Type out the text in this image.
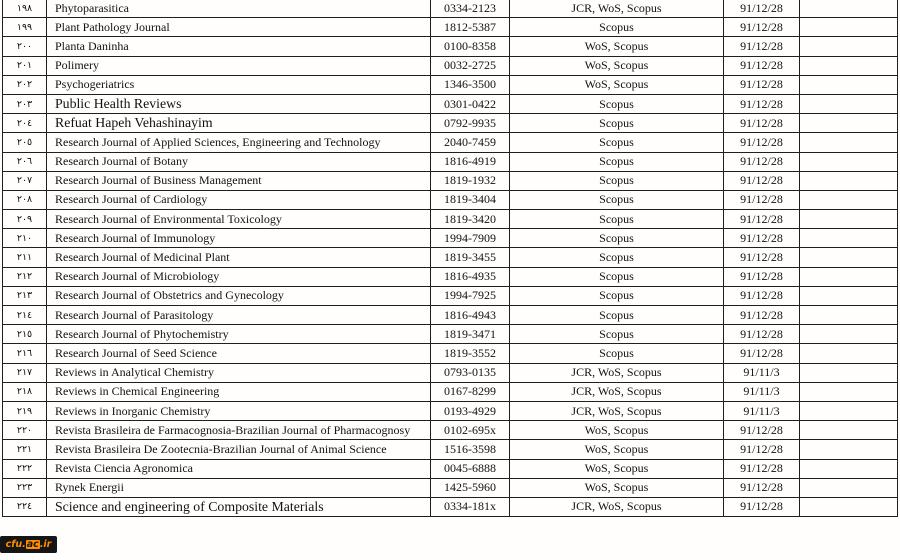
١٩٨	Phytoparasitica	0334-2123	JCR, WoS, Scopus	91/12/28	
١٩٩	Plant Pathology Journal	1812-5387	Scopus	91/12/28	
٢٠٠	Planta Daninha	0100-8358	WoS, Scopus	91/12/28	
٢٠١	Polimery	0032-2725	WoS, Scopus	91/12/28	
٢٠٢	Psychogeriatrics	1346-3500	WoS, Scopus	91/12/28	
٢٠٣	Public Health Reviews	0301-0422	Scopus	91/12/28	
٢٠٤	Refuat Hapeh Vehashinayim	0792-9935	Scopus	91/12/28	
٢٠٥	Research Journal of Applied Sciences, Engineering and Technology	2040-7459	Scopus	91/12/28	
٢٠٦	Research Journal of Botany	1816-4919	Scopus	91/12/28	
٢٠٧	Research Journal of Business Management	1819-1932	Scopus	91/12/28	
٢٠٨	Research Journal of Cardiology	1819-3404	Scopus	91/12/28	
٢٠٩	Research Journal of Environmental Toxicology	1819-3420	Scopus	91/12/28	
٢١٠	Research Journal of Immunology	1994-7909	Scopus	91/12/28	
٢١١	Research Journal of Medicinal Plant	1819-3455	Scopus	91/12/28	
٢١٢	Research Journal of Microbiology	1816-4935	Scopus	91/12/28	
٢١٣	Research Journal of Obstetrics and Gynecology	1994-7925	Scopus	91/12/28	
٢١٤	Research Journal of Parasitology	1816-4943	Scopus	91/12/28	
٢١٥	Research Journal of Phytochemistry	1819-3471	Scopus	91/12/28	
٢١٦	Research Journal of Seed Science	1819-3552	Scopus	91/12/28	
٢١٧	Reviews in Analytical Chemistry	0793-0135	JCR, WoS, Scopus	91/11/3	
٢١٨	Reviews in Chemical Engineering	0167-8299	JCR, WoS, Scopus	91/11/3	
٢١٩	Reviews in Inorganic Chemistry	0193-4929	JCR, WoS, Scopus	91/11/3	
٢٢٠	Revista Brasileira de Farmacognosia-Brazilian Journal of Pharmacognosy	0102-695x	WoS, Scopus	91/12/28	
٢٢١	Revista Brasileira De Zootecnia-Brazilian Journal of Animal Science	1516-3598	WoS, Scopus	91/12/28	
٢٢٢	Revista Ciencia Agronomica	0045-6888	WoS, Scopus	91/12/28	
٢٢٣	Rynek Energii	1425-5960	WoS, Scopus	91/12/28	
٢٢٤	Science and engineering of Composite Materials	0334-181x	JCR, WoS, Scopus	91/12/28	
cfu . ac .ir
